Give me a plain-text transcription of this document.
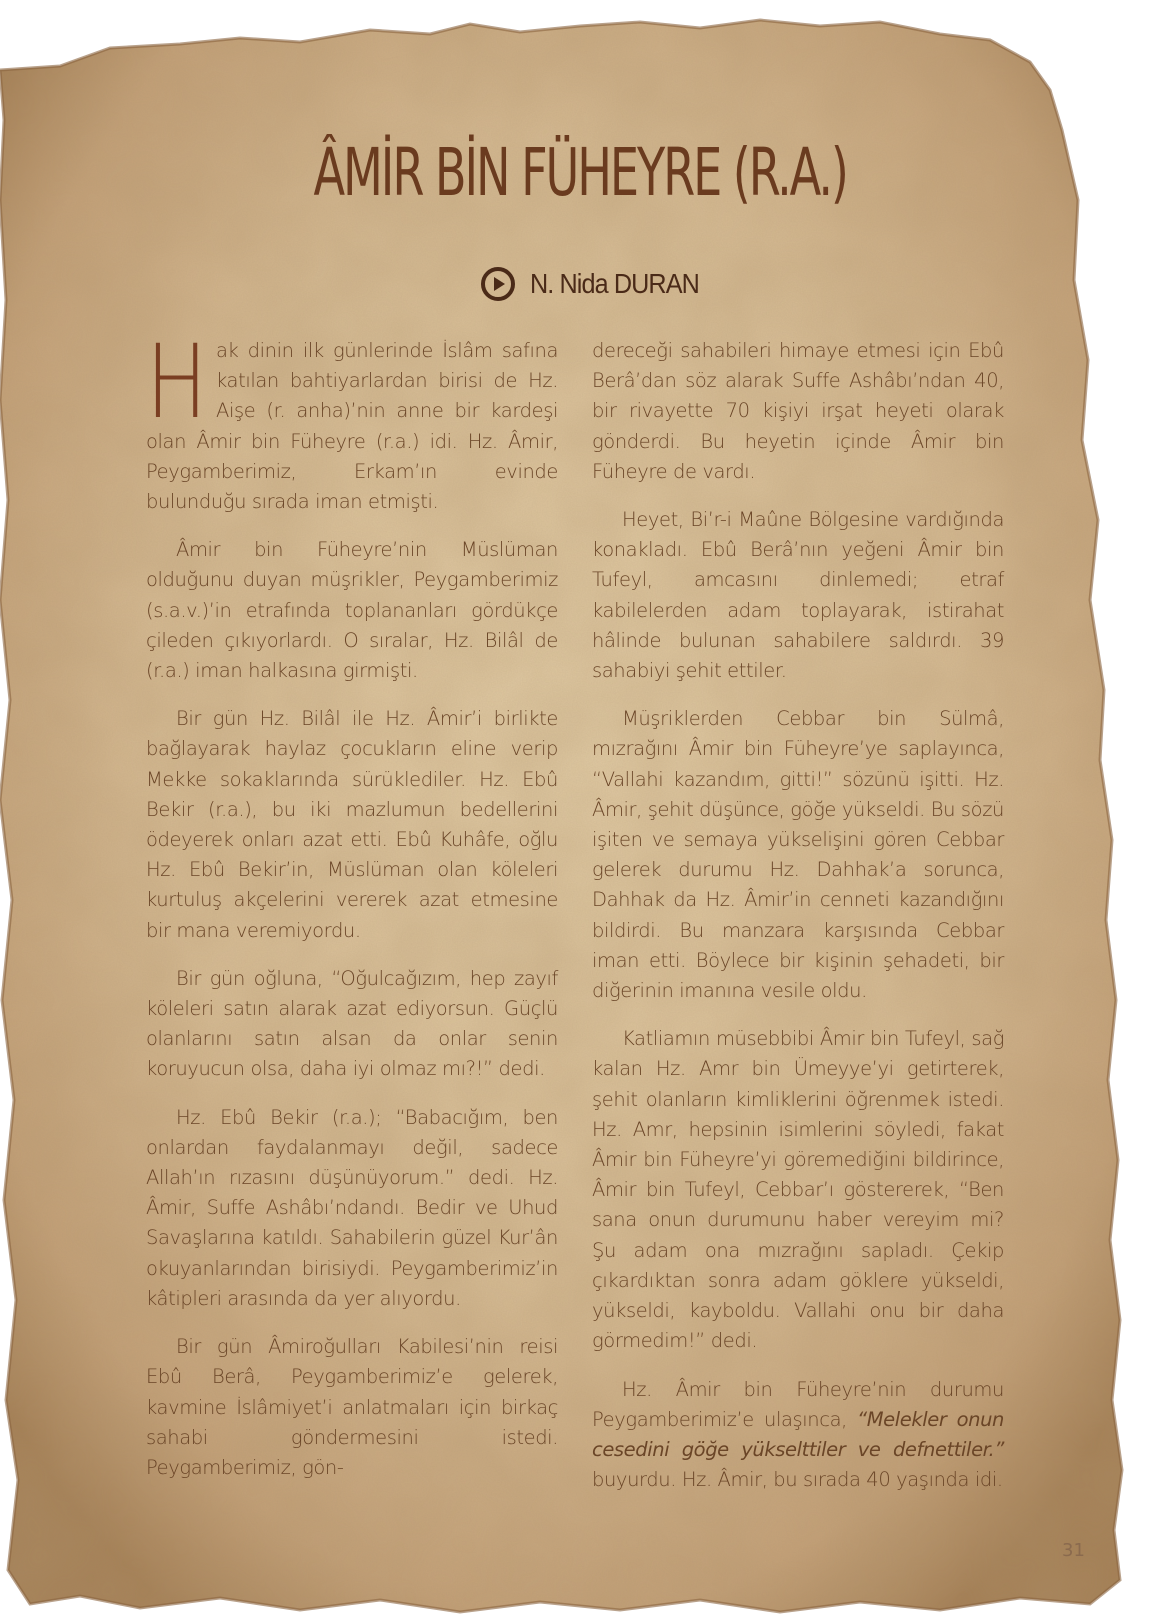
ÂMİR BİN FÜHEYRE (R.A.)
N. Nida DURAN

Hak dinin ilk günlerinde İslâm safına katılan bahtiyarlardan birisi de Hz. Aişe (r. anha)’nin anne bir kardeşi olan Âmir bin Füheyre (r.a.) idi. Hz. Âmir, Peygamberimiz, Erkam’ın evinde bulunduğu sırada iman etmişti.

Âmir bin Füheyre’nin Müslüman olduğunu duyan müşrikler, Peygamberimiz (s.a.v.)’in etrafında toplananları gördükçe çileden çıkıyorlardı. O sıralar, Hz. Bilâl de (r.a.) iman halkasına girmişti.

Bir gün Hz. Bilâl ile Hz. Âmir’i birlikte bağlayarak haylaz çocukların eline verip Mekke sokaklarında sürüklediler. Hz. Ebû Bekir (r.a.), bu iki mazlumun bedellerini ödeyerek onları azat etti. Ebû Kuhâfe, oğlu Hz. Ebû Bekir’in, Müslüman olan köleleri kurtuluş akçelerini vererek azat etmesine bir mana veremiyordu.

Bir gün oğluna, “Oğulcağızım, hep zayıf köleleri satın alarak azat ediyorsun. Güçlü olanlarını satın alsan da onlar senin koruyucun olsa, daha iyi olmaz mı?!” dedi.

Hz. Ebû Bekir (r.a.); “Babacığım, ben onlardan faydalanmayı değil, sadece Allah’ın rızasını düşünüyorum.” dedi. Hz. Âmir, Suffe Ashâbı’ndandı. Bedir ve Uhud Savaşlarına katıldı. Sahabilerin güzel Kur’ân okuyanlarından birisiydi. Peygamberimiz’in kâtipleri arasında da yer alıyordu.

Bir gün Âmiroğulları Kabilesi’nin reisi Ebû Berâ, Peygamberimiz’e gelerek, kavmine İslâmiyet’i anlatmaları için birkaç sahabi göndermesini istedi. Peygamberimiz, gön-

dereceği sahabileri himaye etmesi için Ebû Berâ’dan söz alarak Suffe Ashâbı’ndan 40, bir rivayette 70 kişiyi irşat heyeti olarak gönderdi. Bu heyetin içinde Âmir bin Füheyre de vardı.

Heyet, Bi’r-i Maûne Bölgesine vardığında konakladı. Ebû Berâ’nın yeğeni Âmir bin Tufeyl, amcasını dinlemedi; etraf kabilelerden adam toplayarak, istirahat hâlinde bulunan sahabilere saldırdı. 39 sahabiyi şehit ettiler.

Müşriklerden Cebbar bin Sülmâ, mızrağını Âmir bin Füheyre’ye saplayınca, “Vallahi kazandım, gitti!” sözünü işitti. Hz. Âmir, şehit düşünce, göğe yükseldi. Bu sözü işiten ve semaya yükselişini gören Cebbar gelerek durumu Hz. Dahhak’a sorunca, Dahhak da Hz. Âmir’in cenneti kazandığını bildirdi. Bu manzara karşısında Cebbar iman etti. Böylece bir kişinin şehadeti, bir diğerinin imanına vesile oldu.

Katliamın müsebbibi Âmir bin Tufeyl, sağ kalan Hz. Amr bin Ümeyye’yi getirterek, şehit olanların kimliklerini öğrenmek istedi. Hz. Amr, hepsinin isimlerini söyledi, fakat Âmir bin Füheyre’yi göremediğini bildirince, Âmir bin Tufeyl, Cebbar’ı göstererek, “Ben sana onun durumunu haber vereyim mi? Şu adam ona mızrağını sapladı. Çekip çıkardıktan sonra adam göklere yükseldi, yükseldi, kayboldu. Vallahi onu bir daha görmedim!” dedi.

Hz. Âmir bin Füheyre’nin durumu Peygamberimiz’e ulaşınca, “Melekler onun cesedini göğe yükselttiler ve defnettiler.” buyurdu. Hz. Âmir, bu sırada 40 yaşında idi.

31
